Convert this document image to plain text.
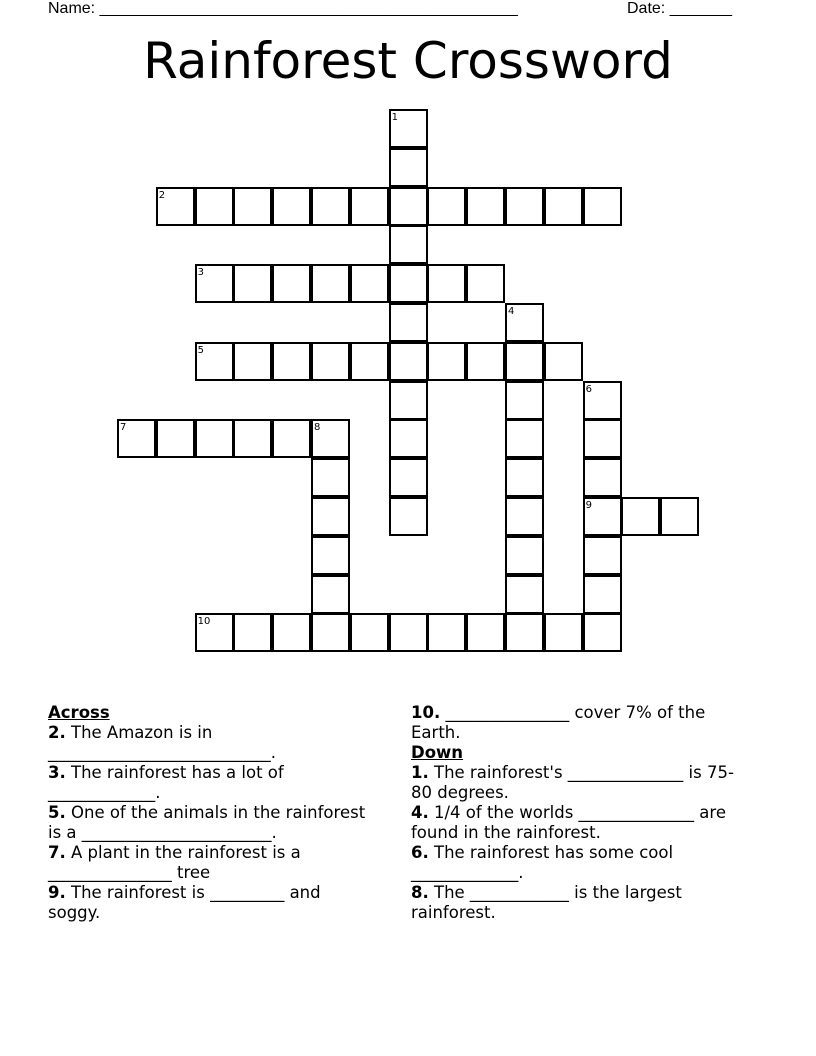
Name: _______________________________________________	Date: _______
Rainforest Crossword
1
2
3
4
5
6
7	8
9
10
Across
2. The Amazon is in ___________________________.
3. The rainforest has a lot of _____________.
5. One of the animals in the rainforest is a _______________________.
7. A plant in the rainforest is a _______________ tree
9. The rainforest is _________ and soggy.
10. _______________ cover 7% of the Earth.
Down
1. The rainforest's ______________ is 75-80 degrees.
4. 1/4 of the worlds ______________ are found in the rainforest.
6. The rainforest has some cool _____________.
8. The ____________ is the largest rainforest.
